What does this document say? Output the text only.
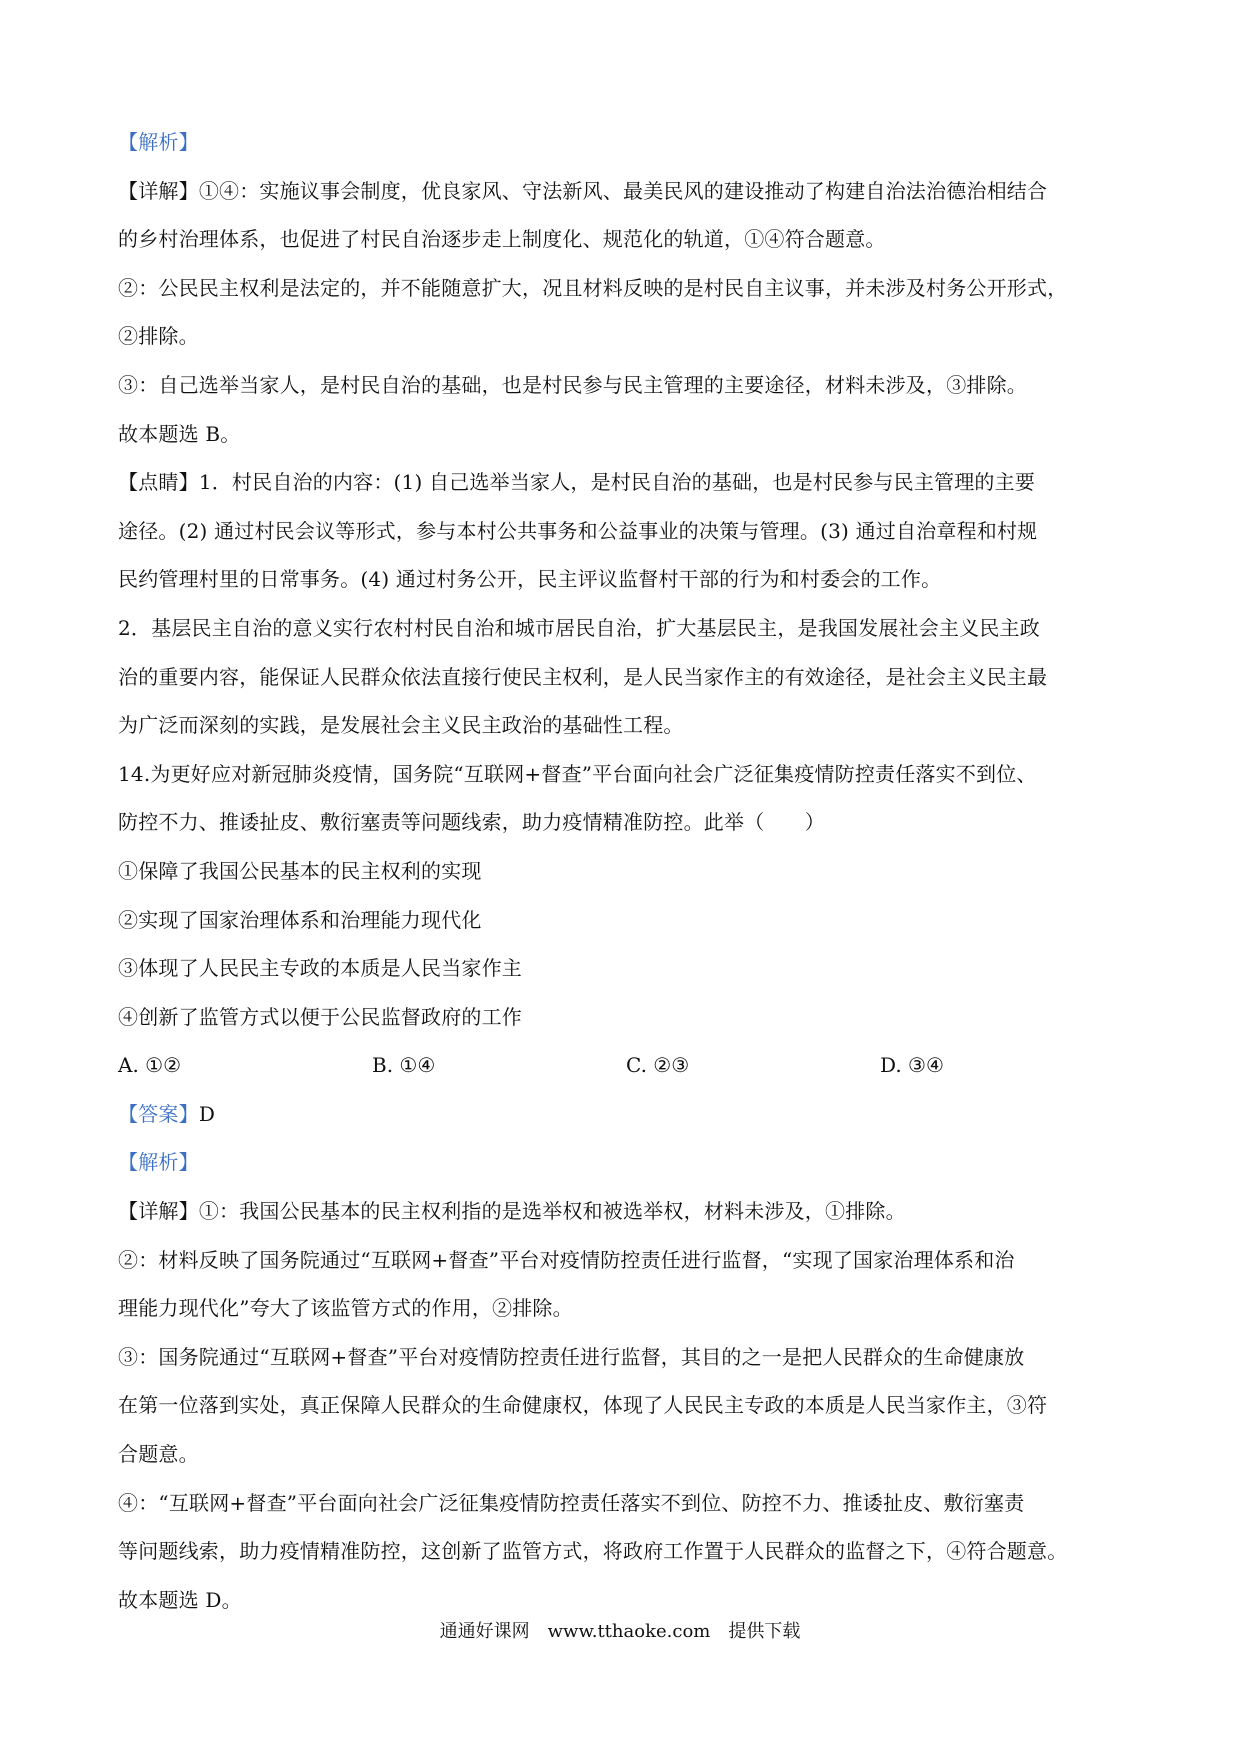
【解析】
【详解】①④：实施议事会制度，优良家风、守法新风、最美民风的建设推动了构建自治法治德治相结合
的乡村治理体系，也促进了村民自治逐步走上制度化、规范化的轨道，①④符合题意。
②：公民民主权利是法定的，并不能随意扩大，况且材料反映的是村民自主议事，并未涉及村务公开形式，
②排除。
③：自己选举当家人，是村民自治的基础，也是村民参与民主管理的主要途径，材料未涉及，③排除。
故本题选 B。
【点睛】1．村民自治的内容：(1) 自己选举当家人，是村民自治的基础，也是村民参与民主管理的主要
途径。(2) 通过村民会议等形式，参与本村公共事务和公益事业的决策与管理。(3) 通过自治章程和村规
民约管理村里的日常事务。(4) 通过村务公开，民主评议监督村干部的行为和村委会的工作。
2．基层民主自治的意义实行农村村民自治和城市居民自治，扩大基层民主，是我国发展社会主义民主政
治的重要内容，能保证人民群众依法直接行使民主权利，是人民当家作主的有效途径，是社会主义民主最
为广泛而深刻的实践，是发展社会主义民主政治的基础性工程。
14.为更好应对新冠肺炎疫情，国务院“互联网+督查”平台面向社会广泛征集疫情防控责任落实不到位、
防控不力、推诿扯皮、敷衍塞责等问题线索，助力疫情精准防控。此举（　　）
①保障了我国公民基本的民主权利的实现
②实现了国家治理体系和治理能力现代化
③体现了人民民主专政的本质是人民当家作主
④创新了监管方式以便于公民监督政府的工作
A. ①②	B. ①④	C. ②③	D. ③④
【答案】D
【解析】
【详解】①：我国公民基本的民主权利指的是选举权和被选举权，材料未涉及，①排除。
②：材料反映了国务院通过“互联网+督查”平台对疫情防控责任进行监督，“实现了国家治理体系和治
理能力现代化”夸大了该监管方式的作用，②排除。
③：国务院通过“互联网+督查”平台对疫情防控责任进行监督，其目的之一是把人民群众的生命健康放
在第一位落到实处，真正保障人民群众的生命健康权，体现了人民民主专政的本质是人民当家作主，③符
合题意。
④：“互联网+督查”平台面向社会广泛征集疫情防控责任落实不到位、防控不力、推诿扯皮、敷衍塞责
等问题线索，助力疫情精准防控，这创新了监管方式，将政府工作置于人民群众的监督之下，④符合题意。
故本题选 D。
通通好课网　www.tthaoke.com　提供下载
